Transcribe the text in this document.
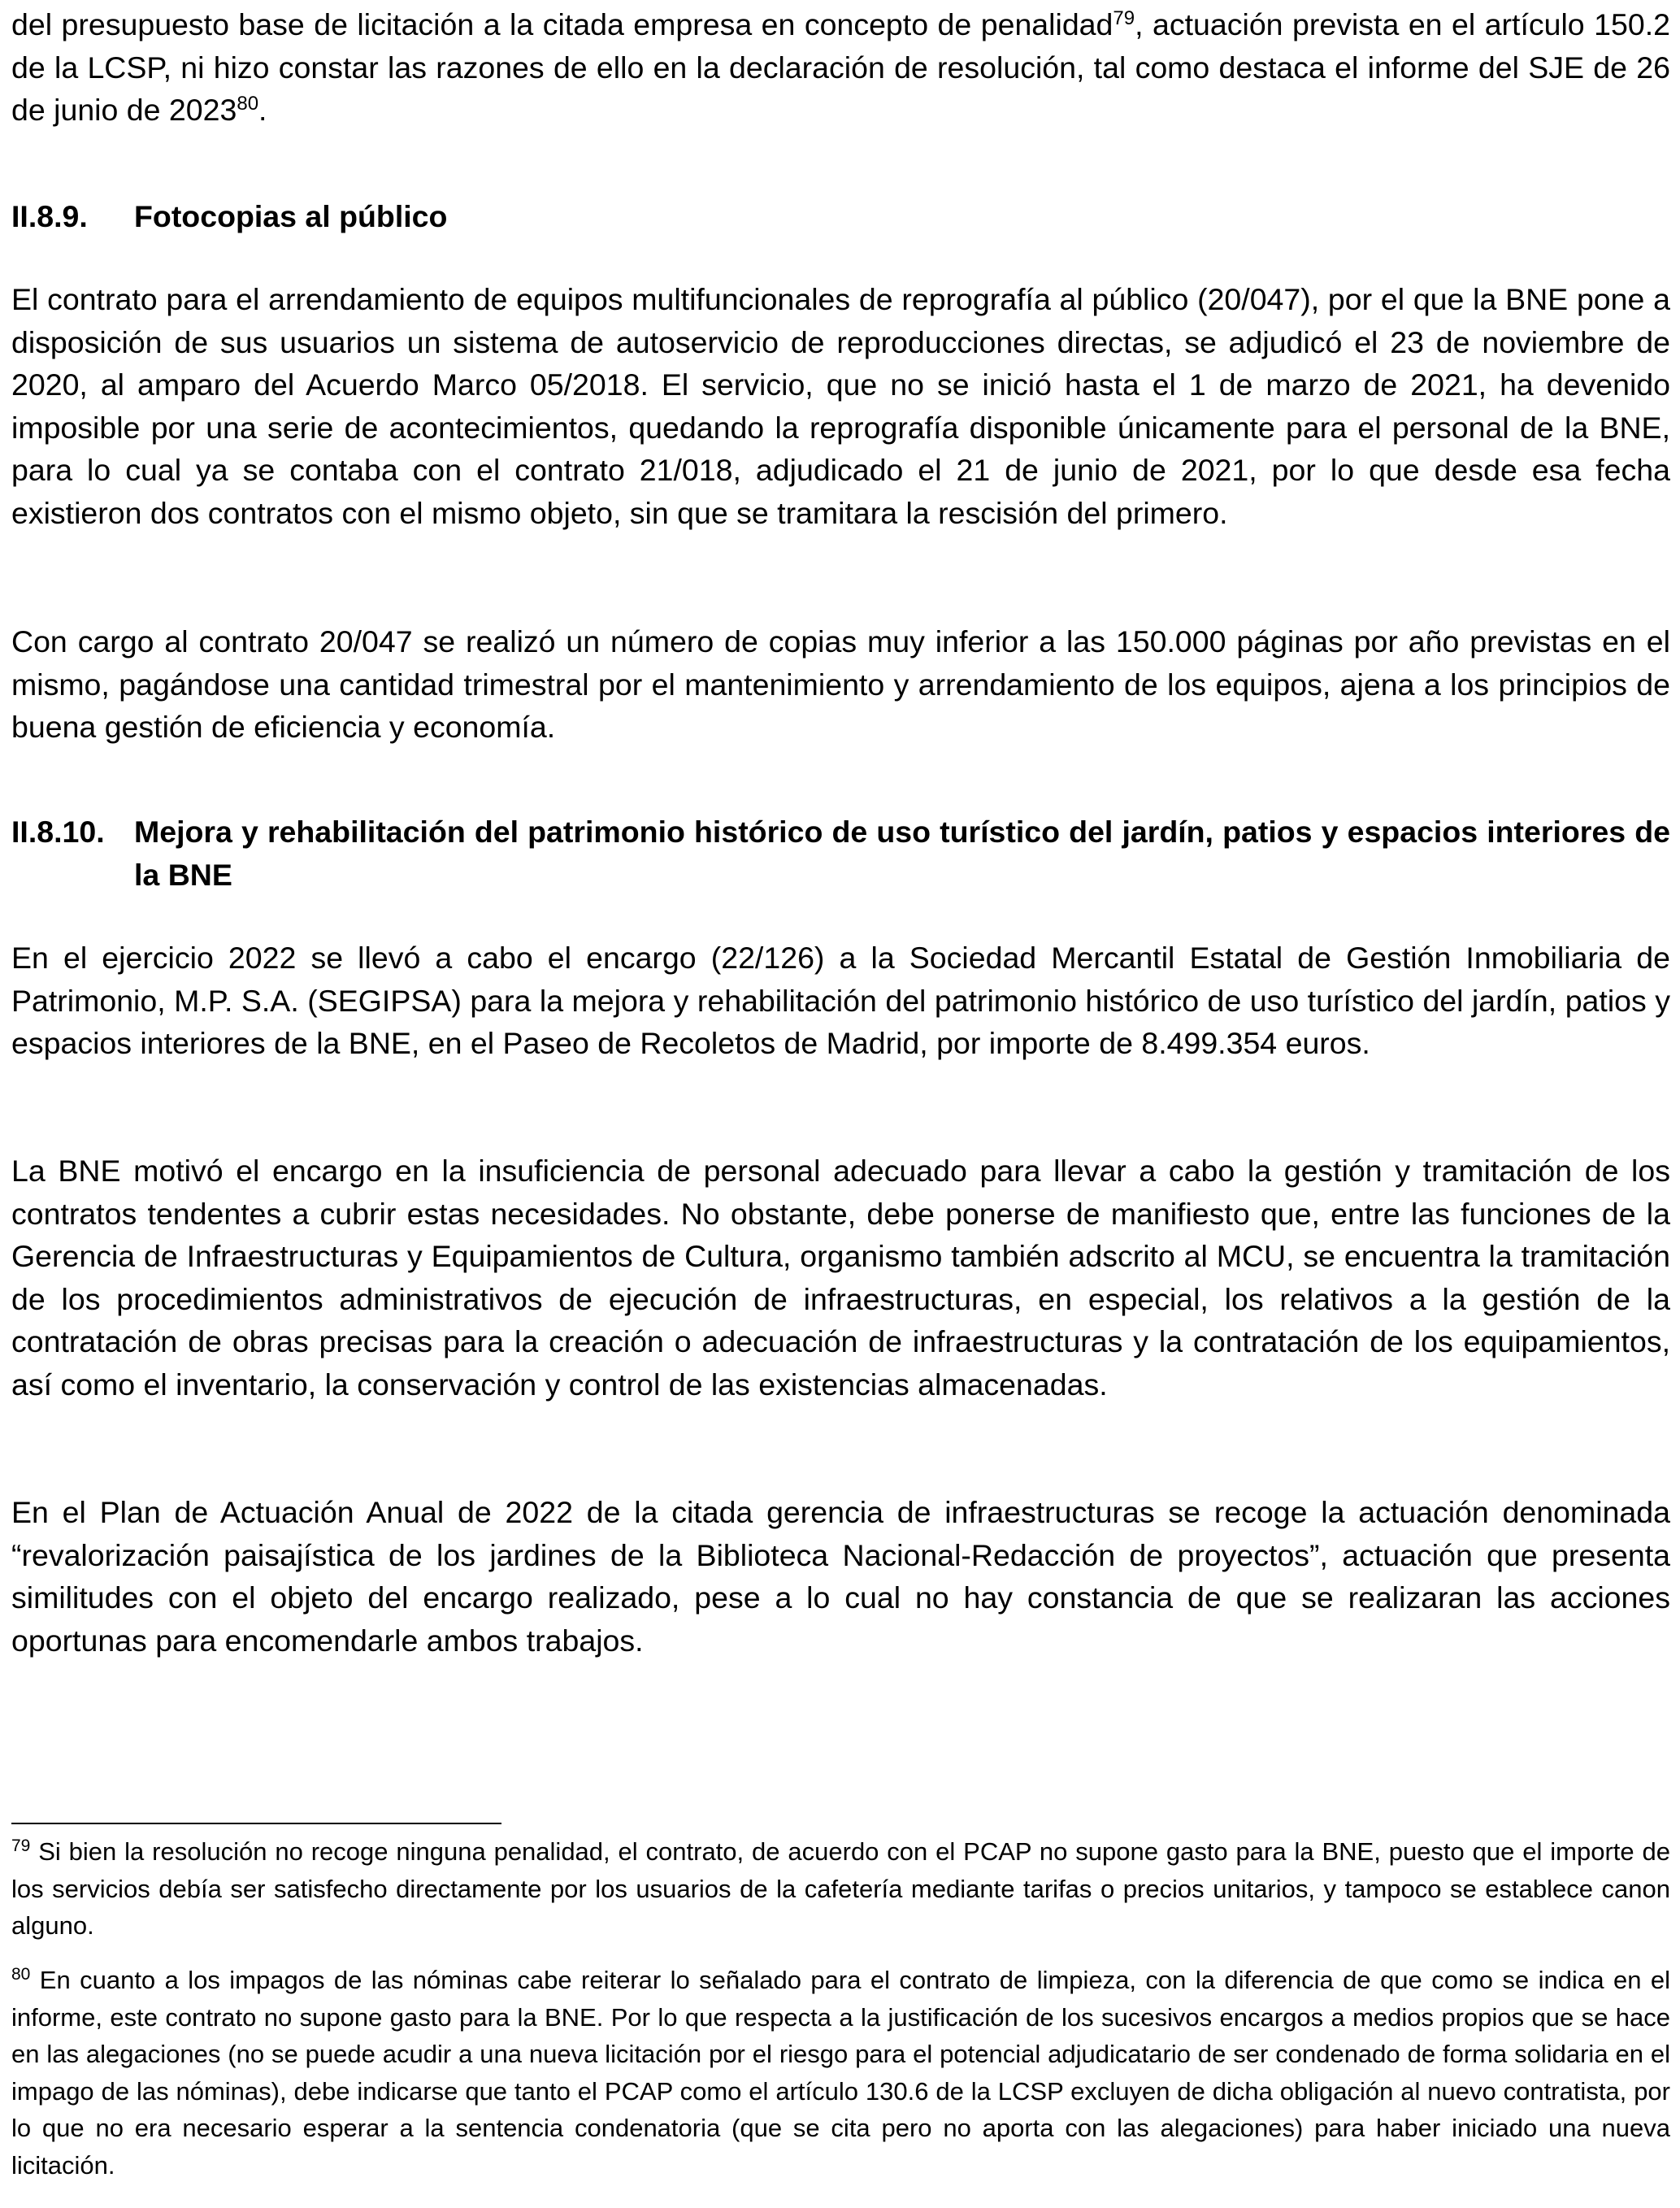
del presupuesto base de licitación a la citada empresa en concepto de penalidad$^{79}$, actuación prevista en el artículo 150.2 de la LCSP, ni hizo constar las razones de ello en la declaración de resolución, tal como destaca el informe del SJE de 26 de junio de 2023$^{80}$.

II.8.9.	Fotocopias al público

El contrato para el arrendamiento de equipos multifuncionales de reprografía al público (20/047), por el que la BNE pone a disposición de sus usuarios un sistema de autoservicio de reproducciones directas, se adjudicó el 23 de noviembre de 2020, al amparo del Acuerdo Marco 05/2018. El servicio, que no se inició hasta el 1 de marzo de 2021, ha devenido imposible por una serie de acontecimientos, quedando la reprografía disponible únicamente para el personal de la BNE, para lo cual ya se contaba con el contrato 21/018, adjudicado el 21 de junio de 2021, por lo que desde esa fecha existieron dos contratos con el mismo objeto, sin que se tramitara la rescisión del primero.

Con cargo al contrato 20/047 se realizó un número de copias muy inferior a las 150.000 páginas por año previstas en el mismo, pagándose una cantidad trimestral por el mantenimiento y arrendamiento de los equipos, ajena a los principios de buena gestión de eficiencia y economía.

II.8.10. Mejora y rehabilitación del patrimonio histórico de uso turístico del jardín, patios y espacios interiores de la BNE

En el ejercicio 2022 se llevó a cabo el encargo (22/126) a la Sociedad Mercantil Estatal de Gestión Inmobiliaria de Patrimonio, M.P. S.A. (SEGIPSA) para la mejora y rehabilitación del patrimonio histórico de uso turístico del jardín, patios y espacios interiores de la BNE, en el Paseo de Recoletos de Madrid, por importe de 8.499.354 euros.

La BNE motivó el encargo en la insuficiencia de personal adecuado para llevar a cabo la gestión y tramitación de los contratos tendentes a cubrir estas necesidades. No obstante, debe ponerse de manifiesto que, entre las funciones de la Gerencia de Infraestructuras y Equipamientos de Cultura, organismo también adscrito al MCU, se encuentra la tramitación de los procedimientos administrativos de ejecución de infraestructuras, en especial, los relativos a la gestión de la contratación de obras precisas para la creación o adecuación de infraestructuras y la contratación de los equipamientos, así como el inventario, la conservación y control de las existencias almacenadas.

En el Plan de Actuación Anual de 2022 de la citada gerencia de infraestructuras se recoge la actuación denominada “revalorización paisajística de los jardines de la Biblioteca Nacional-Redacción de proyectos”, actuación que presenta similitudes con el objeto del encargo realizado, pese a lo cual no hay constancia de que se realizaran las acciones oportunas para encomendarle ambos trabajos.

$^{79}$ Si bien la resolución no recoge ninguna penalidad, el contrato, de acuerdo con el PCAP no supone gasto para la BNE, puesto que el importe de los servicios debía ser satisfecho directamente por los usuarios de la cafetería mediante tarifas o precios unitarios, y tampoco se establece canon alguno.

$^{80}$ En cuanto a los impagos de las nóminas cabe reiterar lo señalado para el contrato de limpieza, con la diferencia de que como se indica en el informe, este contrato no supone gasto para la BNE. Por lo que respecta a la justificación de los sucesivos encargos a medios propios que se hace en las alegaciones (no se puede acudir a una nueva licitación por el riesgo para el potencial adjudicatario de ser condenado de forma solidaria en el impago de las nóminas), debe indicarse que tanto el PCAP como el artículo 130.6 de la LCSP excluyen de dicha obligación al nuevo contratista, por lo que no era necesario esperar a la sentencia condenatoria (que se cita pero no aporta con las alegaciones) para haber iniciado una nueva licitación.
